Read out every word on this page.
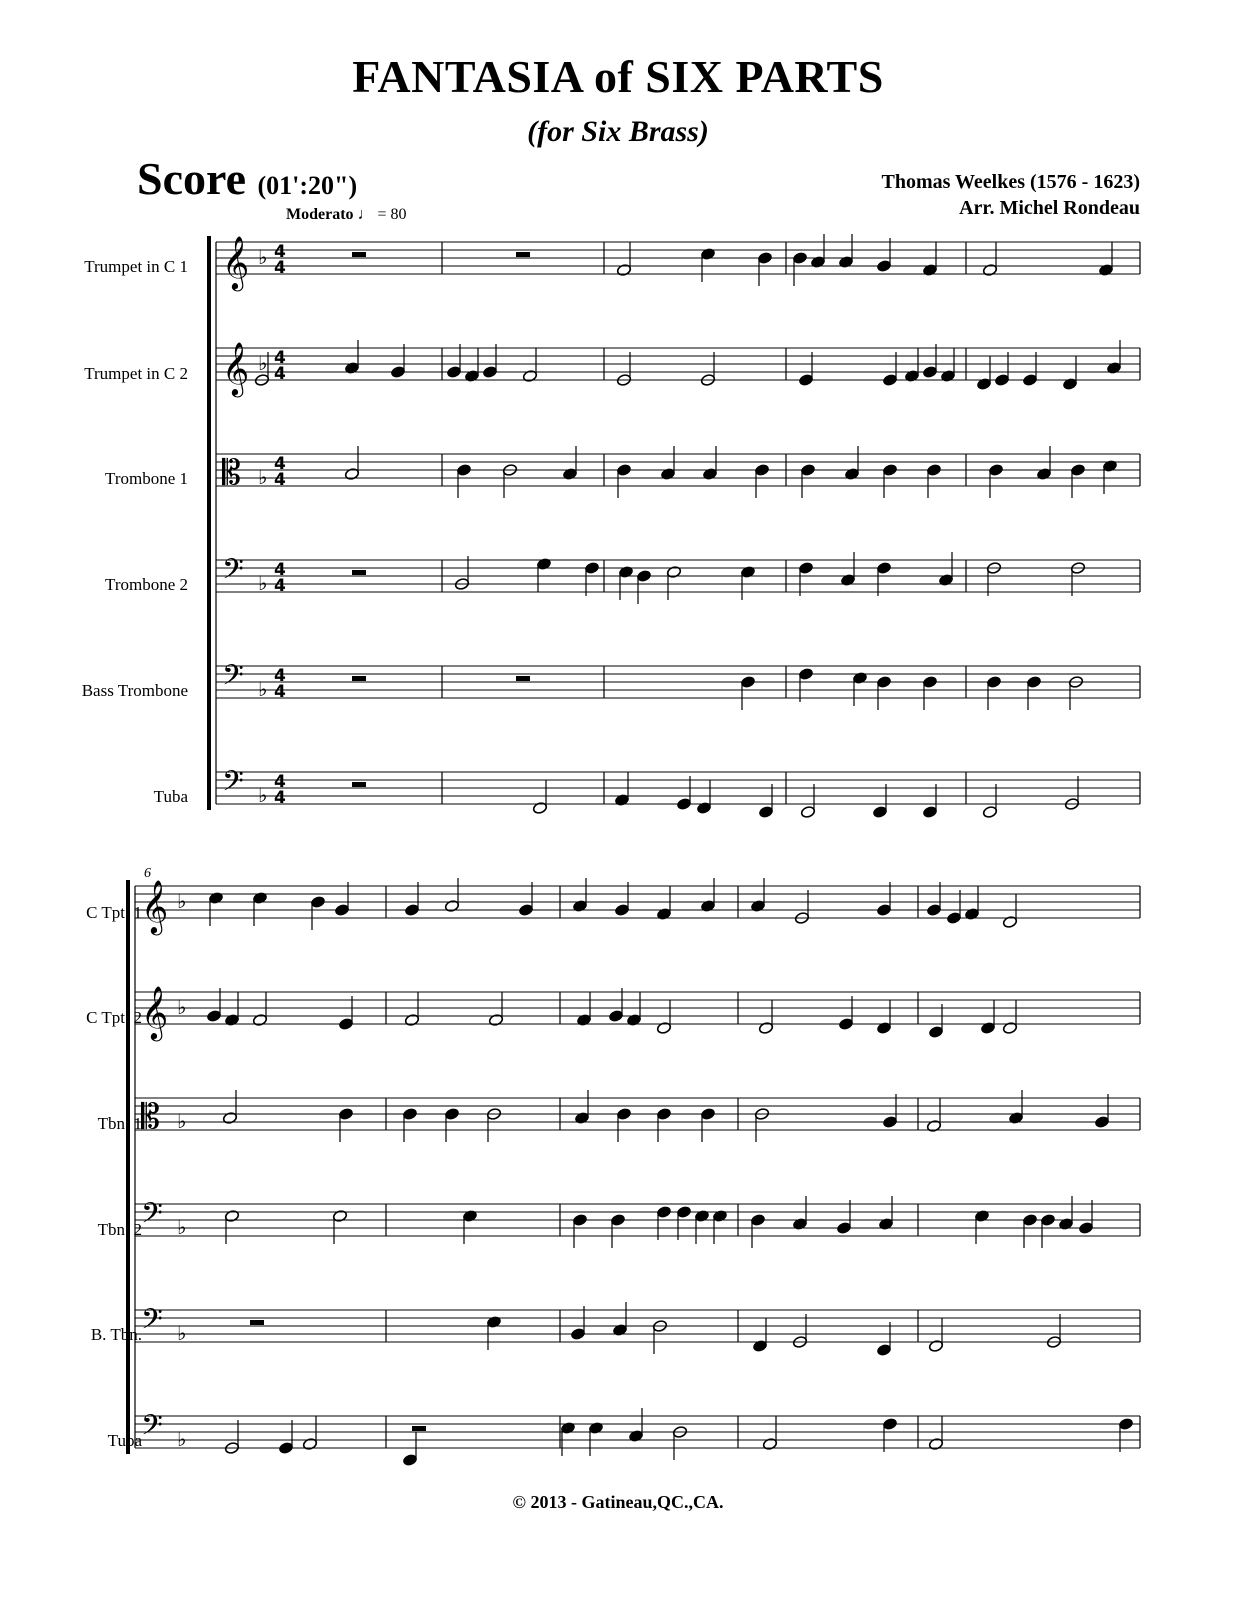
FANTASIA of SIX PARTS
(for Six Brass)
Score (01':20")	Thomas Weelkes (1576 - 1623)
Arr. Michel Rondeau
Moderato ♩ = 80
Trumpet in C 1
Trumpet in C 2
Trombone 1
Trombone 2
Bass Trombone
Tuba
6
C Tpt. 1
C Tpt. 2
Tbn. 1
Tbn. 2
B. Tbn.
Tuba
© 2013 - Gatineau,QC.,CA.
𝄞 ♭ 4
4
𝄞 ♭ 4
4
𝄡 ♭
4
4
𝄢 ♭
4
4
𝄢 ♭
4
4
𝄢 ♭
4
4
𝄞 ♭
𝄞 ♭
𝄡 ♭
𝄢 ♭
𝄢 ♭
𝄢 ♭
